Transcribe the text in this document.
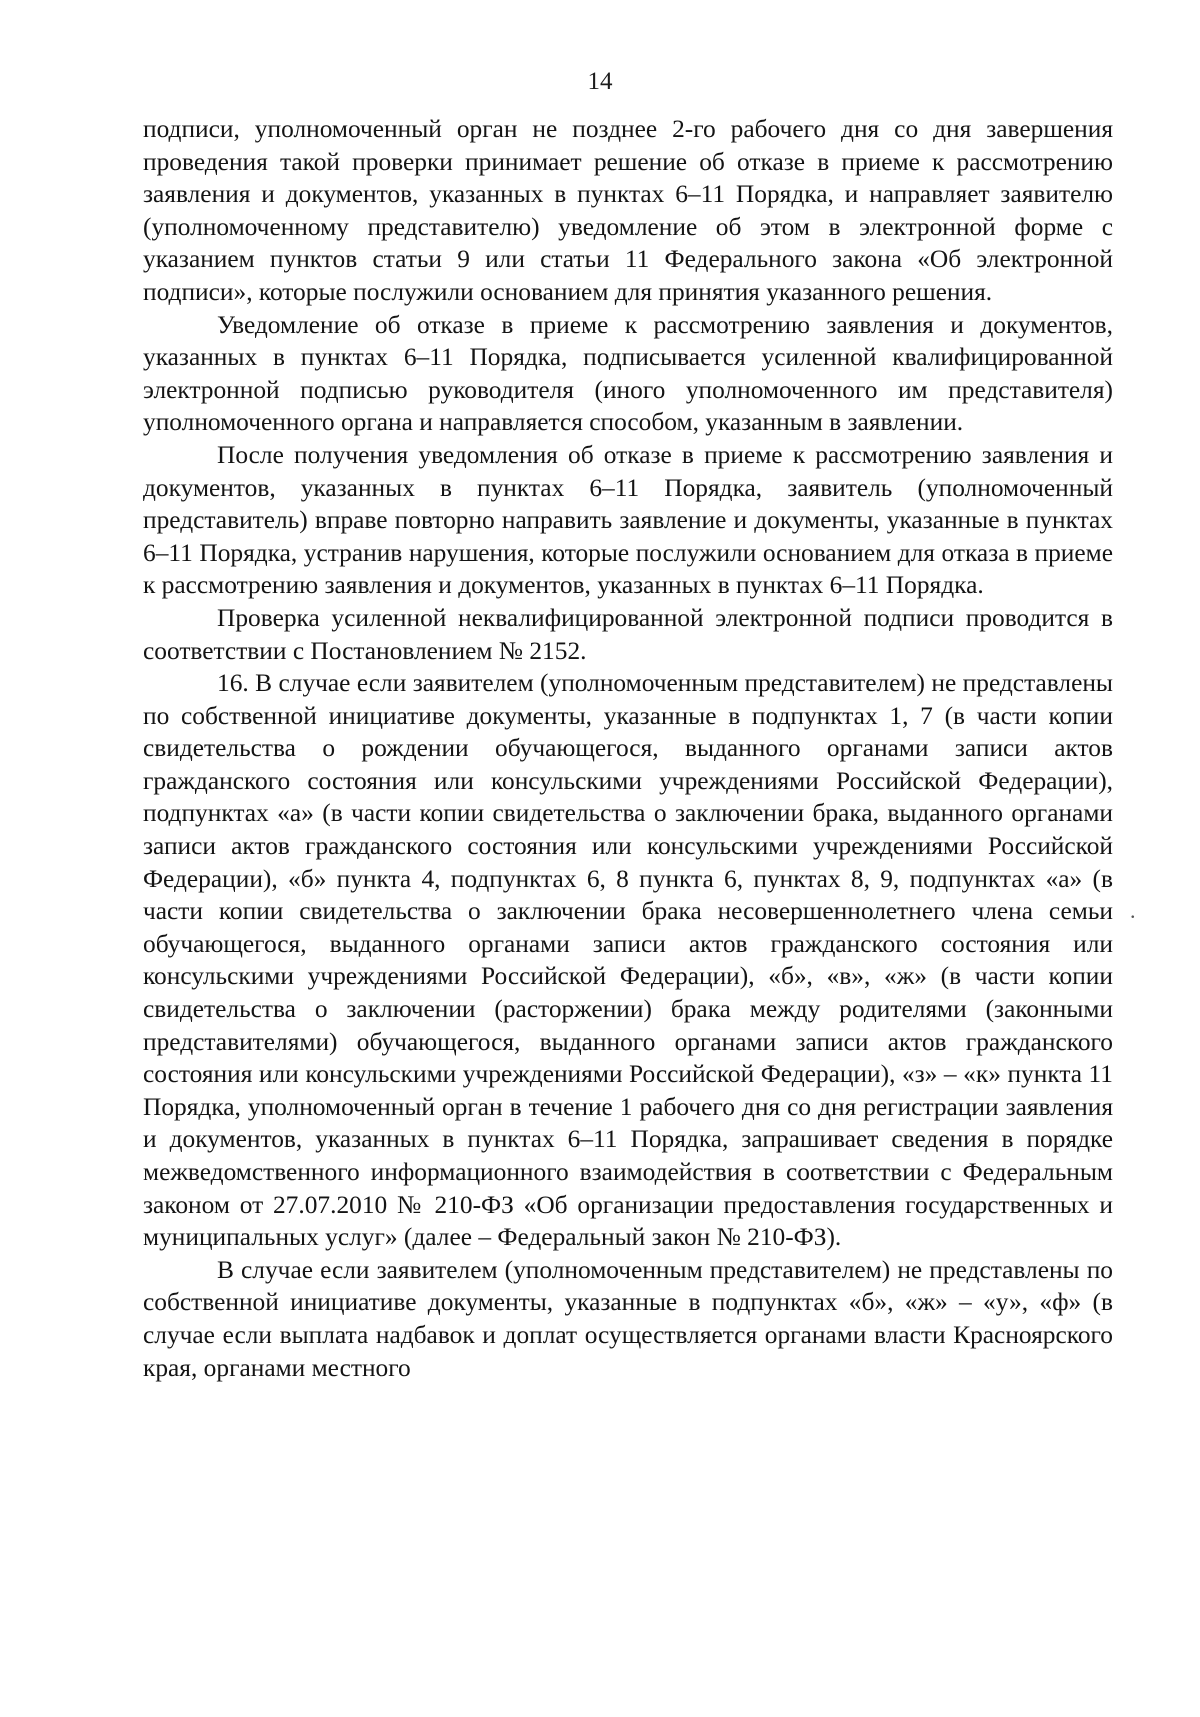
14

подписи, уполномоченный орган не позднее 2-го рабочего дня со дня завершения проведения такой проверки принимает решение об отказе в приеме к рассмотрению заявления и документов, указанных в пунктах 6–11 Порядка, и направляет заявителю (уполномоченному представителю) уведомление об этом в электронной форме с указанием пунктов статьи 9 или статьи 11 Федерального закона «Об электронной подписи», которые послужили основанием для принятия указанного решения.

Уведомление об отказе в приеме к рассмотрению заявления и документов, указанных в пунктах 6–11 Порядка, подписывается усиленной квалифицированной электронной подписью руководителя (иного уполномоченного им представителя) уполномоченного органа и направляется способом, указанным в заявлении.

После получения уведомления об отказе в приеме к рассмотрению заявления и документов, указанных в пунктах 6–11 Порядка, заявитель (уполномоченный представитель) вправе повторно направить заявление и документы, указанные в пунктах 6–11 Порядка, устранив нарушения, которые послужили основанием для отказа в приеме к рассмотрению заявления и документов, указанных в пунктах 6–11 Порядка.

Проверка усиленной неквалифицированной электронной подписи проводится в соответствии с Постановлением № 2152.

16. В случае если заявителем (уполномоченным представителем) не представлены по собственной инициативе документы, указанные в подпунктах 1, 7 (в части копии свидетельства о рождении обучающегося, выданного органами записи актов гражданского состояния или консульскими учреждениями Российской Федерации), подпунктах «а» (в части копии свидетельства о заключении брака, выданного органами записи актов гражданского состояния или консульскими учреждениями Российской Федерации), «б» пункта 4, подпунктах 6, 8 пункта 6, пунктах 8, 9, подпунктах «а» (в части копии свидетельства о заключении брака несовершеннолетнего члена семьи обучающегося, выданного органами записи актов гражданского состояния или консульскими учреждениями Российской Федерации), «б», «в», «ж» (в части копии свидетельства о заключении (расторжении) брака между родителями (законными представителями) обучающегося, выданного органами записи актов гражданского состояния или консульскими учреждениями Российской Федерации), «з» – «к» пункта 11 Порядка, уполномоченный орган в течение 1 рабочего дня со дня регистрации заявления и документов, указанных в пунктах 6–11 Порядка, запрашивает сведения в порядке межведомственного информационного взаимодействия в соответствии с Федеральным законом от 27.07.2010 № 210-ФЗ «Об организации предоставления государственных и муниципальных услуг» (далее – Федеральный закон № 210-ФЗ).

В случае если заявителем (уполномоченным представителем) не представлены по собственной инициативе документы, указанные в подпунктах «б», «ж» – «у», «ф» (в случае если выплата надбавок и доплат осуществляется органами власти Красноярского края, органами местного

.
